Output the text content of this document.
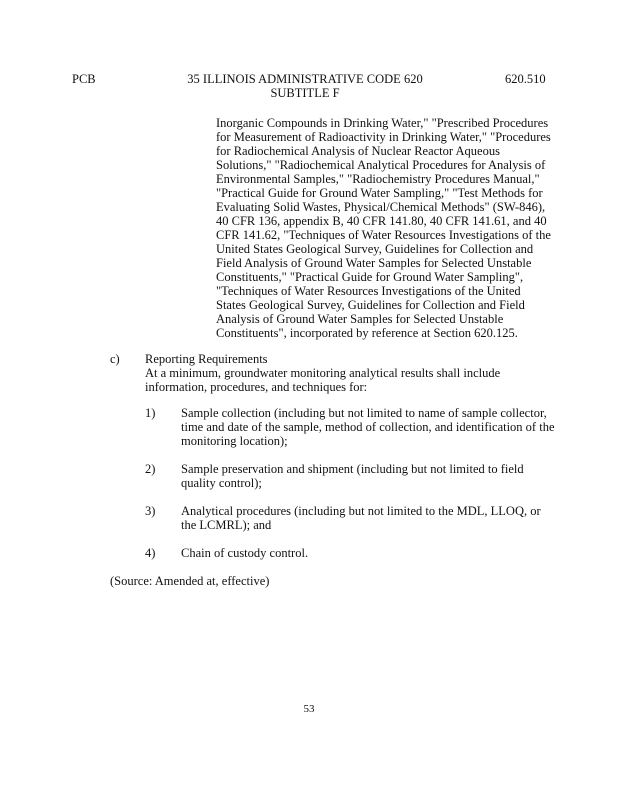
PCB	35 ILLINOIS ADMINISTRATIVE CODE 620
SUBTITLE F
620.510
Inorganic Compounds in Drinking Water," "Prescribed Procedures
for Measurement of Radioactivity in Drinking Water," "Procedures
for Radiochemical Analysis of Nuclear Reactor Aqueous
Solutions," "Radiochemical Analytical Procedures for Analysis of
Environmental Samples," "Radiochemistry Procedures Manual,"
"Practical Guide for Ground Water Sampling," "Test Methods for
Evaluating Solid Wastes, Physical/Chemical Methods" (SW-846),
40 CFR 136, appendix B, 40 CFR 141.80, 40 CFR 141.61, and 40
CFR 141.62, "Techniques of Water Resources Investigations of the
United States Geological Survey, Guidelines for Collection and
Field Analysis of Ground Water Samples for Selected Unstable
Constituents," "Practical Guide for Ground Water Sampling",
"Techniques of Water Resources Investigations of the United
States Geological Survey, Guidelines for Collection and Field
Analysis of Ground Water Samples for Selected Unstable
Constituents", incorporated by reference at Section 620.125.
c) Reporting Requirements
At a minimum, groundwater monitoring analytical results shall include
information, procedures, and techniques for:
1) Sample collection (including but not limited to name of sample collector,
time and date of the sample, method of collection, and identification of the
monitoring location);
2) Sample preservation and shipment (including but not limited to field
quality control);
3) Analytical procedures (including but not limited to the MDL, LLOQ, or
the LCMRL); and
4) Chain of custody control.
(Source: Amended at, effective)
53
